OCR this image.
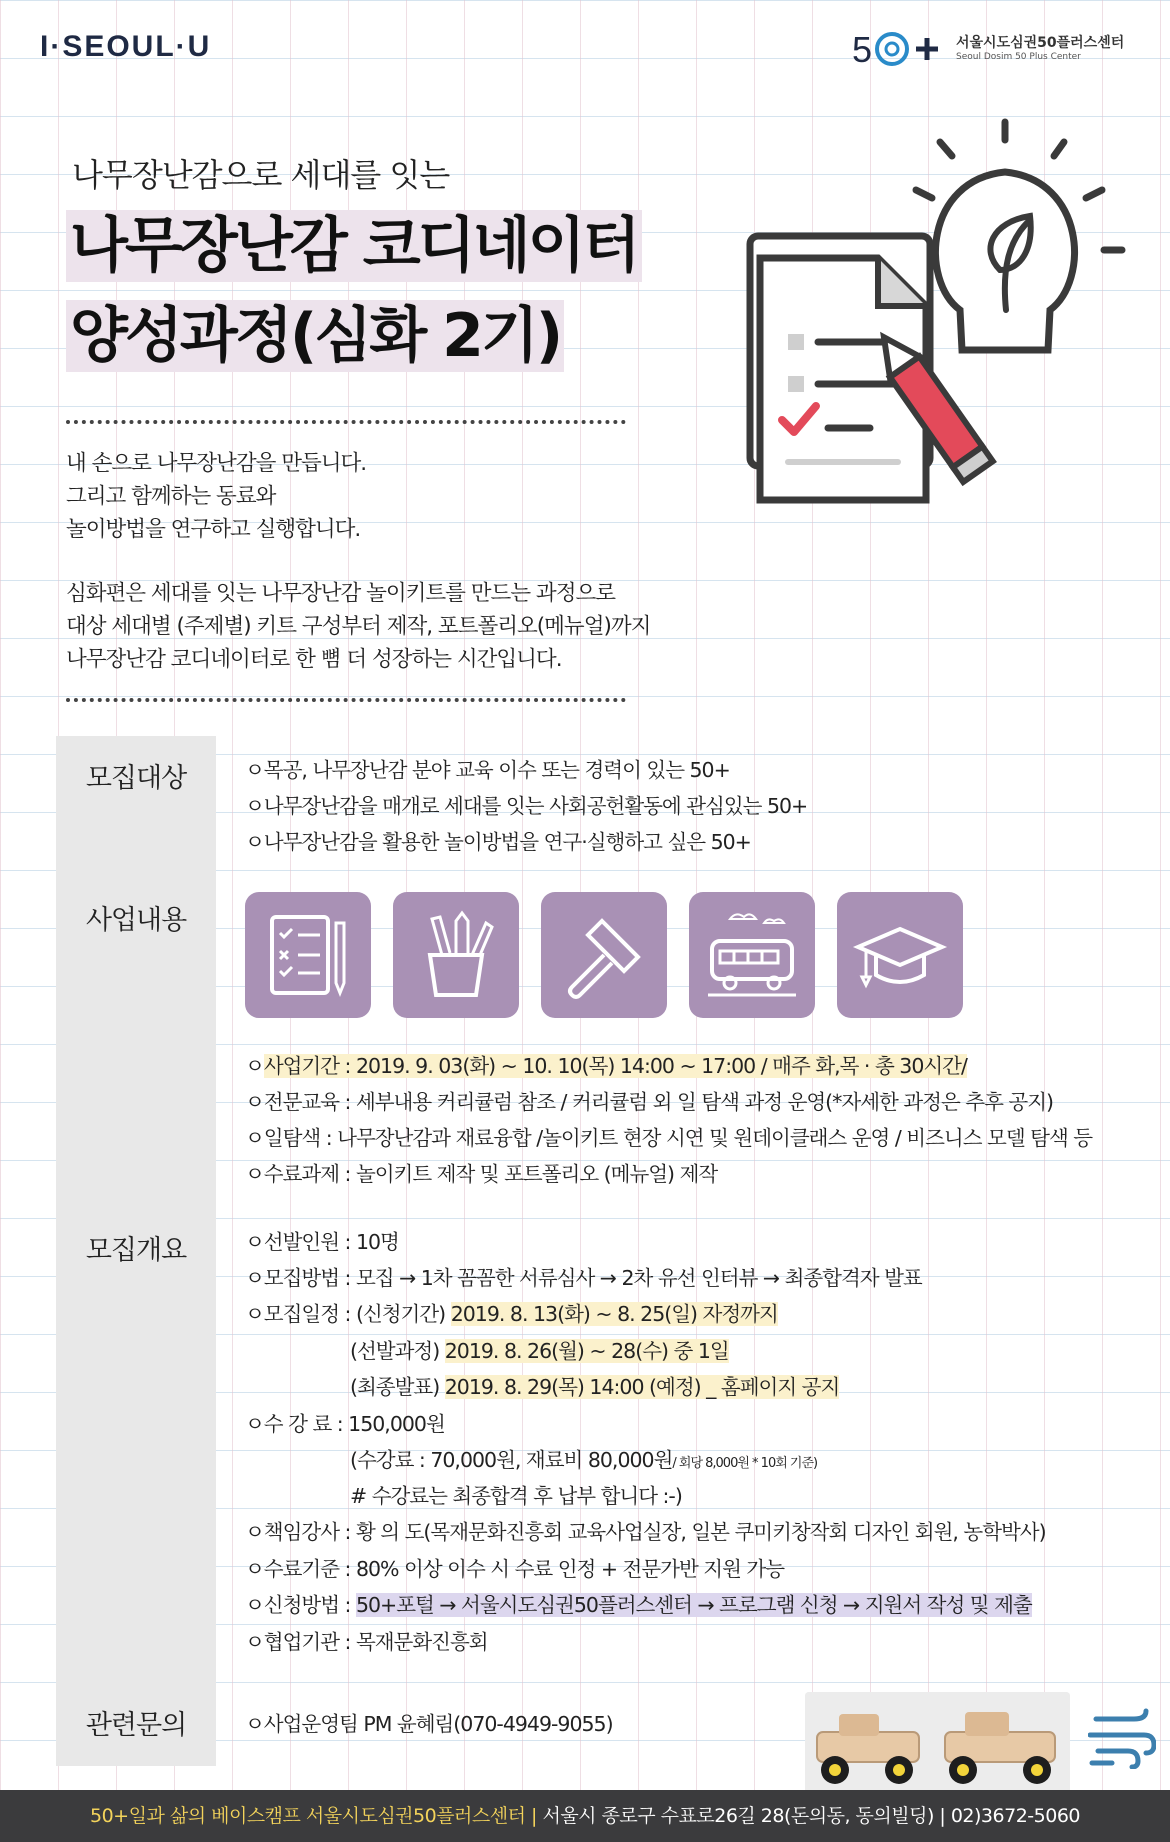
I·SEOUL·U	5	서울시도심권50플러스센터
Seoul Dosim 50 Plus Center
나무장난감으로 세대를 잇는
나무장난감 코디네이터
양성과정(심화 2기)
내 손으로 나무장난감을 만듭니다.
그리고 함께하는 동료와
놀이방법을 연구하고 실행합니다.
심화편은 세대를 잇는 나무장난감 놀이키트를 만드는 과정으로
대상 세대별 (주제별) 키트 구성부터 제작, 포트폴리오(메뉴얼)까지
나무장난감 코디네이터로 한 뼘 더 성장하는 시간입니다.
모집대상
사업내용
모집개요
관련문의
ㅇ목공, 나무장난감 분야 교육 이수 또는 경력이 있는 50+
ㅇ나무장난감을 매개로 세대를 잇는 사회공헌활동에 관심있는 50+
ㅇ나무장난감을 활용한 놀이방법을 연구·실행하고 싶은 50+
ㅇ사업기간 : 2019. 9. 03(화) ~ 10. 10(목) 14:00 ~ 17:00 / 매주 화,목 · 총 30시간/
ㅇ전문교육 : 세부내용 커리큘럼 참조 / 커리큘럼 외 일 탐색 과정 운영(*자세한 과정은 추후 공지)
ㅇ일탐색 : 나무장난감과 재료융합 /놀이키트 현장 시연 및 원데이클래스 운영 / 비즈니스 모델 탐색 등
ㅇ수료과제 : 놀이키트 제작 및 포트폴리오 (메뉴얼) 제작
ㅇ선발인원 : 10명
ㅇ모집방법 : 모집 → 1차 꼼꼼한 서류심사 → 2차 유선 인터뷰 → 최종합격자 발표
ㅇ모집일정 : (신청기간) 2019. 8. 13(화) ~ 8. 25(일) 자정까지
(선발과정) 2019. 8. 26(월) ~ 28(수) 중 1일
(최종발표) 2019. 8. 29(목) 14:00 (예정) _ 홈페이지 공지
ㅇ수 강 료 : 150,000원
(수강료 : 70,000원, 재료비 80,000원/ 회당 8,000원 * 10회 기준)
# 수강료는 최종합격 후 납부 합니다 :-)
ㅇ책임강사 : 황 의 도(목재문화진흥회 교육사업실장, 일본 쿠미키창작회 디자인 회원, 농학박사)
ㅇ수료기준 : 80% 이상 이수 시 수료 인정 + 전문가반 지원 가능
ㅇ신청방법 : 50+포털 → 서울시도심권50플러스센터 → 프로그램 신청 → 지원서 작성 및 제출
ㅇ협업기관 : 목재문화진흥회
ㅇ사업운영팀 PM 윤혜림(070-4949-9055)
50+일과 삶의 베이스캠프 서울시도심권50플러스센터 | 서울시 종로구 수표로26길 28(돈의동, 동의빌딩) | 02)3672-5060
